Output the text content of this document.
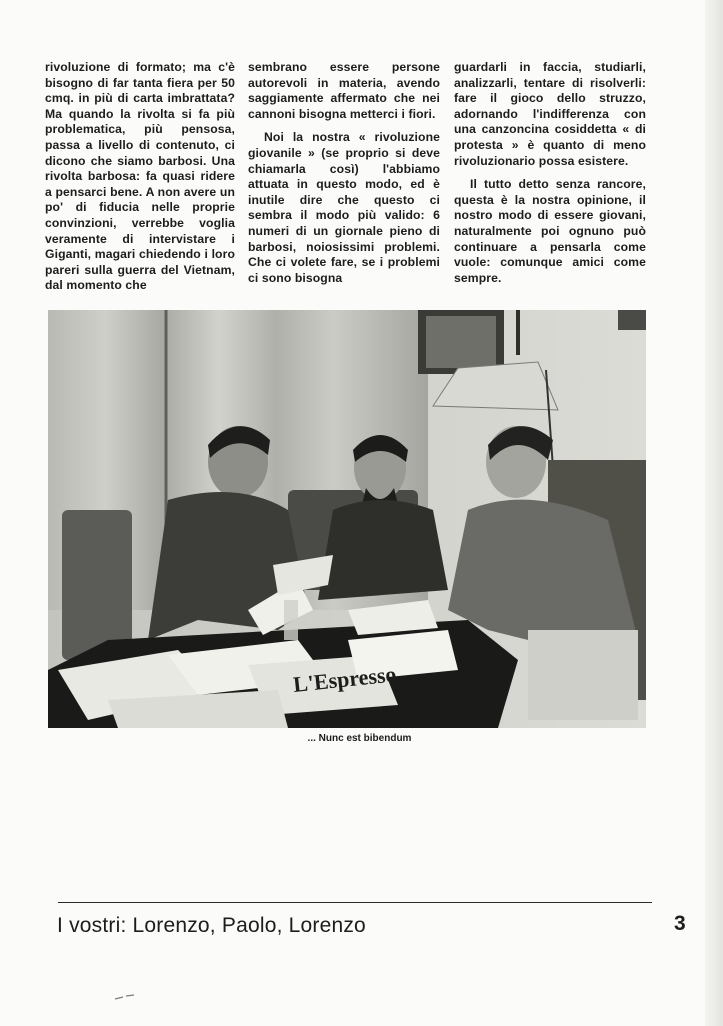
rivoluzione di formato; ma c'è bisogno di far tanta fiera per 50 cmq. in più di carta imbrattata? Ma quando la rivolta si fa più problematica, più pensosa, passa a livello di contenuto, ci dicono che siamo barbosi. Una rivolta barbosa: fa quasi ridere a pensarci bene. A non avere un po' di fiducia nelle proprie convinzioni, verrebbe voglia veramente di intervistare i Giganti, magari chiedendo i loro pareri sulla guerra del Vietnam, dal momento che

sembrano essere persone autorevoli in materia, avendo saggiamente affermato che nei cannoni bisogna metterci i fiori.

Noi la nostra « rivoluzione giovanile » (se proprio si deve chiamarla così) l'abbiamo attuata in questo modo, ed è inutile dire che questo ci sembra il modo più valido: 6 numeri di un giornale pieno di barbosi, noiosissimi problemi. Che ci volete fare, se i problemi ci sono bisogna

guardarli in faccia, studiarli, analizzarli, tentare di risolverli: fare il gioco dello struzzo, adornando l'indifferenza con una canzoncina cosiddetta « di protesta » è quanto di meno rivoluzionario possa esistere.

Il tutto detto senza rancore, questa è la nostra opinione, il nostro modo di essere giovani, naturalmente poi ognuno può continuare a pensarla come vuole: comunque amici come sempre.

L'Espresso
... Nunc est bibendum
I vostri: Lorenzo, Paolo, Lorenzo	3
